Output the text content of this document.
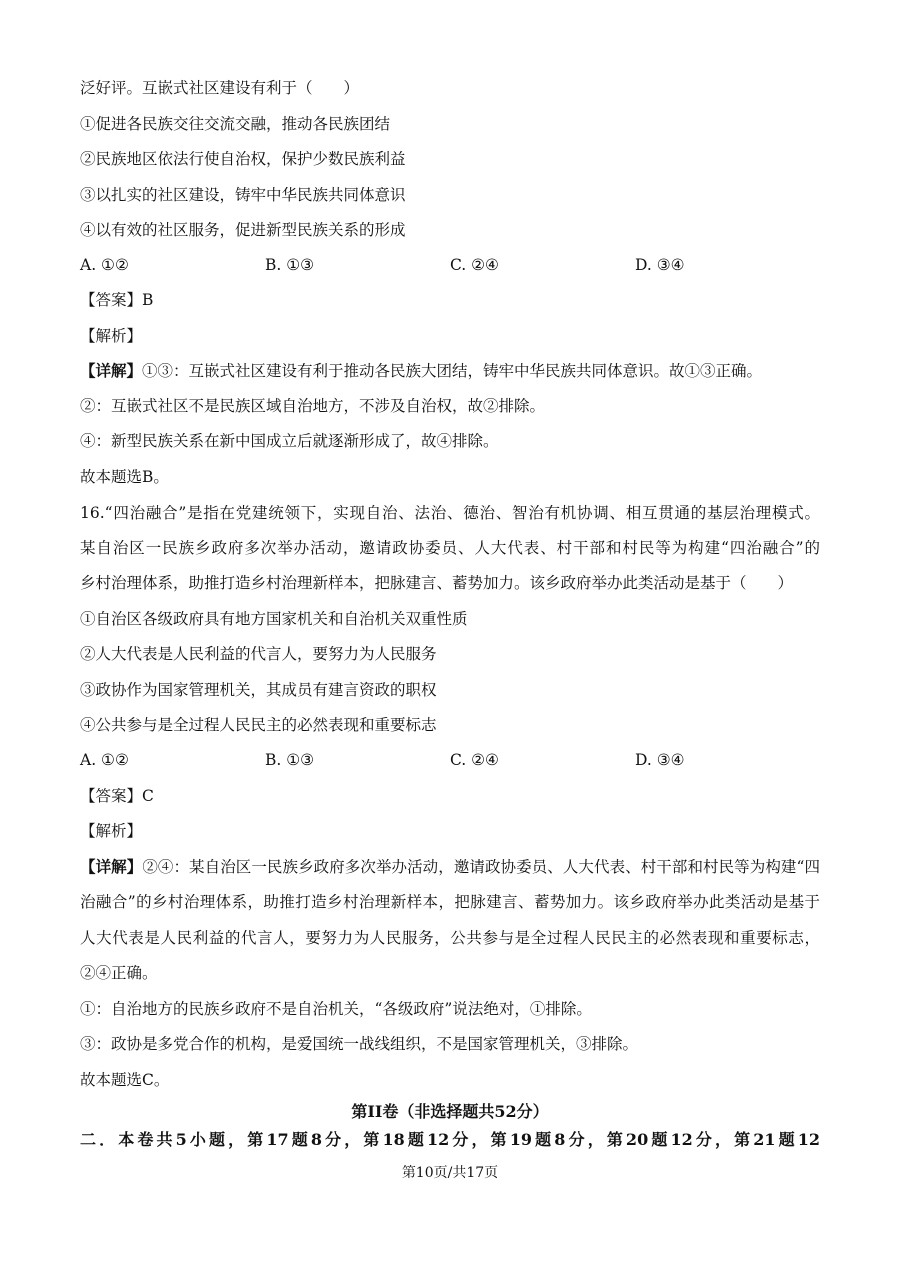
泛好评。互嵌式社区建设有利于（　　）
①促进各民族交往交流交融，推动各民族团结
②民族地区依法行使自治权，保护少数民族利益
③以扎实的社区建设，铸牢中华民族共同体意识
④以有效的社区服务，促进新型民族关系的形成
A. ①②	B. ①③	C. ②④	D. ③④
【答案】B
【解析】
【详解】①③：互嵌式社区建设有利于推动各民族大团结，铸牢中华民族共同体意识。故①③正确。
②：互嵌式社区不是民族区域自治地方，不涉及自治权，故②排除。
④：新型民族关系在新中国成立后就逐渐形成了，故④排除。
故本题选B。
16.“四治融合”是指在党建统领下，实现自治、法治、德治、智治有机协调、相互贯通的基层治理模式。
某自治区一民族乡政府多次举办活动，邀请政协委员、人大代表、村干部和村民等为构建“四治融合”的
乡村治理体系，助推打造乡村治理新样本，把脉建言、蓄势加力。该乡政府举办此类活动是基于（　　）
①自治区各级政府具有地方国家机关和自治机关双重性质
②人大代表是人民利益的代言人，要努力为人民服务
③政协作为国家管理机关，其成员有建言资政的职权
④公共参与是全过程人民民主的必然表现和重要标志
A. ①②	B. ①③	C. ②④	D. ③④
【答案】C
【解析】
【详解】②④：某自治区一民族乡政府多次举办活动，邀请政协委员、人大代表、村干部和村民等为构建“四
治融合”的乡村治理体系，助推打造乡村治理新样本，把脉建言、蓄势加力。该乡政府举办此类活动是基于
人大代表是人民利益的代言人，要努力为人民服务，公共参与是全过程人民民主的必然表现和重要标志，
②④正确。
①：自治地方的民族乡政府不是自治机关，“各级政府”说法绝对，①排除。
③：政协是多党合作的机构，是爱国统一战线组织，不是国家管理机关，③排除。
故本题选C。
第II卷（非选择题共52分）
二．本卷共5小题，第17题8分，第18题12分，第19题8分，第20题12分，第21题12
第10页/共17页
